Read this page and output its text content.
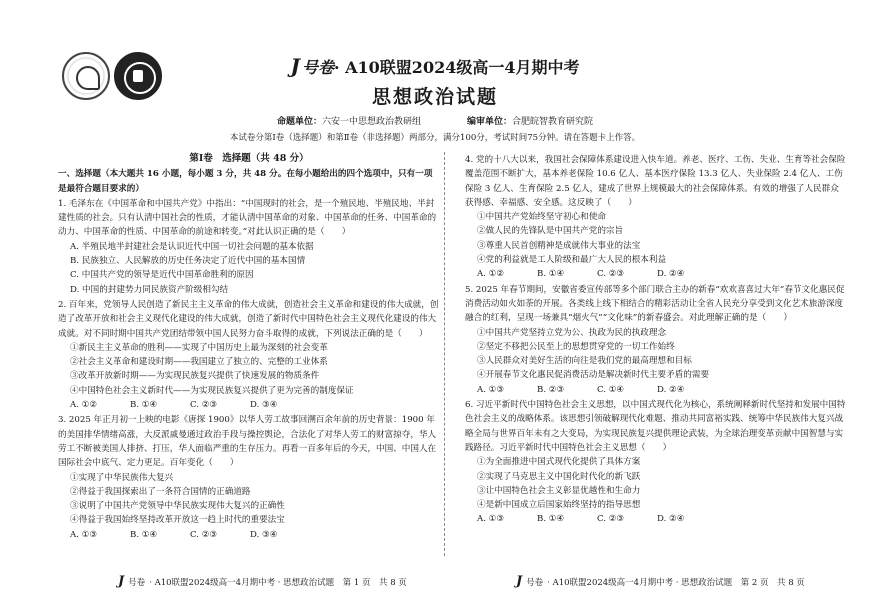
J 号卷· A10联盟2024级高一4月期中考
思想政治试题
命题单位：六安一中思想政治教研组	编审单位：合肥皖智教育研究院
本试卷分第Ⅰ卷（选择题）和第Ⅱ卷（非选择题）两部分，满分100分，考试时间75分钟。请在答题卡上作答。
第Ⅰ卷　选择题（共 48 分）
一、选择题（本大题共 16 小题，每小题 3 分，共 48 分。在每小题给出的四个选项中，只有一项是最符合题目要求的）
1. 毛泽东在《中国革命和中国共产党》中指出：“中国现时的社会，是一个殖民地、半殖民地、半封建性质的社会。只有认清中国社会的性质，才能认清中国革命的对象、中国革命的任务、中国革命的动力、中国革命的性质、中国革命的前途和转变。”对此认识正确的是（　　）
A. 半殖民地半封建社会是认识近代中国一切社会问题的基本依据
B. 民族独立、人民解放的历史任务决定了近代中国的基本国情
C. 中国共产党的领导是近代中国革命胜利的原因
D. 中国的封建势力同民族资产阶级相勾结
2. 百年来，党领导人民创造了新民主主义革命的伟大成就，创造社会主义革命和建设的伟大成就，创造了改革开放和社会主义现代化建设的伟大成就，创造了新时代中国特色社会主义现代化建设的伟大成就。对不同时期中国共产党团结带领中国人民努力奋斗取得的成就，下列说法正确的是（　　）
①新民主主义革命的胜利——实现了中国历史上最为深刻的社会变革
②社会主义革命和建设时期——我国建立了独立的、完整的工业体系
③改革开放新时期——为实现民族复兴提供了快速发展的物质条件
④中国特色社会主义新时代——为实现民族复兴提供了更为完善的制度保证
A. ①②	B. ①④	C. ②③	D. ③④
3. 2025 年正月初一上映的电影《唐探 1900》以华人劳工故事回溯百余年前的历史背景：1900 年的美国排华情绪高涨，大反派戚曼通过政治手段与操控舆论，合法化了对华人劳工的财富掠夺，华人劳工不断被美国人排挤、打压，华人面临严重的生存压力。再看一百多年后的今天，中国、中国人在国际社会中底气、定力更足。百年变化（　　）
①实现了中华民族伟大复兴
②得益于我国探索出了一条符合国情的正确道路
③说明了中国共产党领导中华民族实现伟大复兴的正确性
④得益于我国始终坚持改革开放这一趋上时代的重要法宝
A. ①③	B. ①④	C. ②③	D. ③④
4. 党的十八大以来，我国社会保障体系建设进入快车道。养老、医疗、工伤、失业、生育等社会保险覆盖范围不断扩大，基本养老保险 10.6 亿人、基本医疗保险 13.3 亿人、失业保险 2.4 亿人、工伤保险 3 亿人、生育保险 2.5 亿人，建成了世界上规模最大的社会保障体系。有效的增强了人民群众获得感、幸福感、安全感。这反映了（　　）
①中国共产党始终坚守初心和使命
②做人民的先锋队是中国共产党的宗旨
③尊重人民首创精神是成就伟大事业的法宝
④党的利益就是工人阶级和最广大人民的根本利益
A. ①②	B. ①④	C. ②③	D. ②④
5. 2025 年春节期间，安徽省委宣传部等多个部门联合主办的新春“欢欢喜喜过大年”春节文化惠民促消费活动如火如荼的开展。各类线上线下相结合的精彩活动让全省人民充分享受到文化艺术旅游深度融合的红利，呈现一场兼具“烟火气”“文化味”的新春盛会。对此理解正确的是（　　）
①中国共产党坚持立党为公、执政为民的执政理念
②坚定不移把公民至上的思想贯穿党的一切工作始终
③人民群众对美好生活的向往是我们党的最高理想和目标
④开展春节文化惠民促消费活动是解决新时代主要矛盾的需要
A. ①③	B. ②③	C. ①④	D. ②④
6. 习近平新时代中国特色社会主义思想，以中国式现代化为核心，系统阐释新时代坚持和发展中国特色社会主义的战略体系。该思想引领破解现代化难题、推动共同富裕实践、统筹中华民族伟大复兴战略全局与世界百年未有之大变局，为实现民族复兴提供理论武装，为全球治理变革贡献中国智慧与实践路径。习近平新时代中国特色社会主义思想（　　）
①为全面推进中国式现代化提供了具体方案
②实现了马克思主义中国化时代化的新飞跃
③让中国特色社会主义彰显优越性和生命力
④是新中国成立后国家始终坚持的指导思想
A. ①③	B. ①④	C. ②③	D. ②④
J 号卷 · A10联盟2024级高一4月期中考 · 思想政治试题　第 1 页　共 8 页	J 号卷 · A10联盟2024级高一4月期中考 · 思想政治试题　第 2 页　共 8 页
